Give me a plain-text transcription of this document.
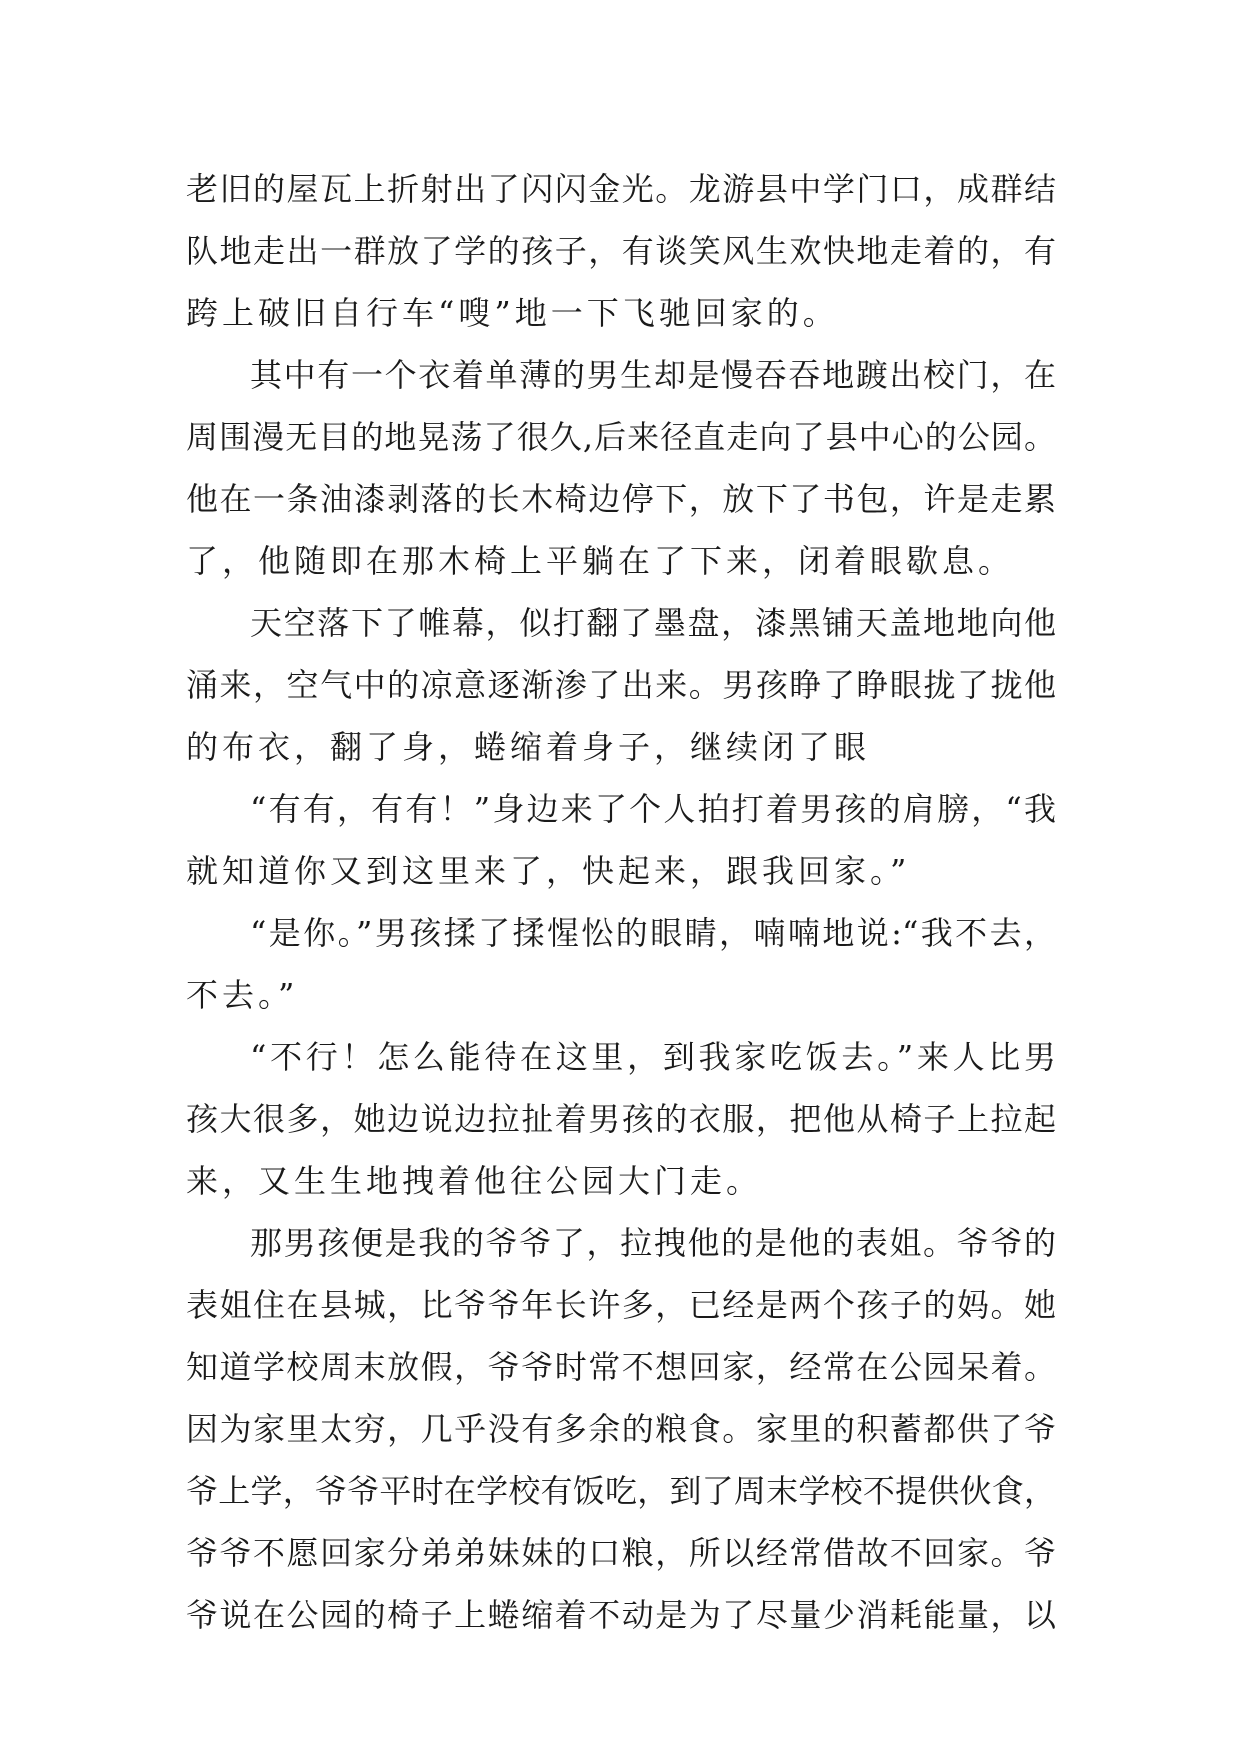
老旧的屋瓦上折射出了闪闪金光。龙游县中学门口，成群结
队地走出一群放了学的孩子，有谈笑风生欢快地走着的，有
跨上破旧自行车“嗖”地一下飞驰回家的。
其中有一个衣着单薄的男生却是慢吞吞地踱出校门，在
周围漫无目的地晃荡了很久,后来径直走向了县中心的公园。
他在一条油漆剥落的长木椅边停下，放下了书包，许是走累
了，他随即在那木椅上平躺在了下来，闭着眼歇息。
天空落下了帷幕，似打翻了墨盘，漆黑铺天盖地地向他
涌来，空气中的凉意逐渐渗了出来。男孩睁了睁眼拢了拢他
的布衣，翻了身，蜷缩着身子，继续闭了眼
“有有，有有！”身边来了个人拍打着男孩的肩膀，“我
就知道你又到这里来了，快起来，跟我回家。”
“是你。”男孩揉了揉惺忪的眼睛，喃喃地说:“我不去，
不去。”
“不行！怎么能待在这里，到我家吃饭去。”来人比男
孩大很多，她边说边拉扯着男孩的衣服，把他从椅子上拉起
来，又生生地拽着他往公园大门走。
那男孩便是我的爷爷了，拉拽他的是他的表姐。爷爷的
表姐住在县城，比爷爷年长许多，已经是两个孩子的妈。她
知道学校周末放假，爷爷时常不想回家，经常在公园呆着。
因为家里太穷，几乎没有多余的粮食。家里的积蓄都供了爷
爷上学，爷爷平时在学校有饭吃，到了周末学校不提供伙食，
爷爷不愿回家分弟弟妹妹的口粮，所以经常借故不回家。爷
爷说在公园的椅子上蜷缩着不动是为了尽量少消耗能量，以
